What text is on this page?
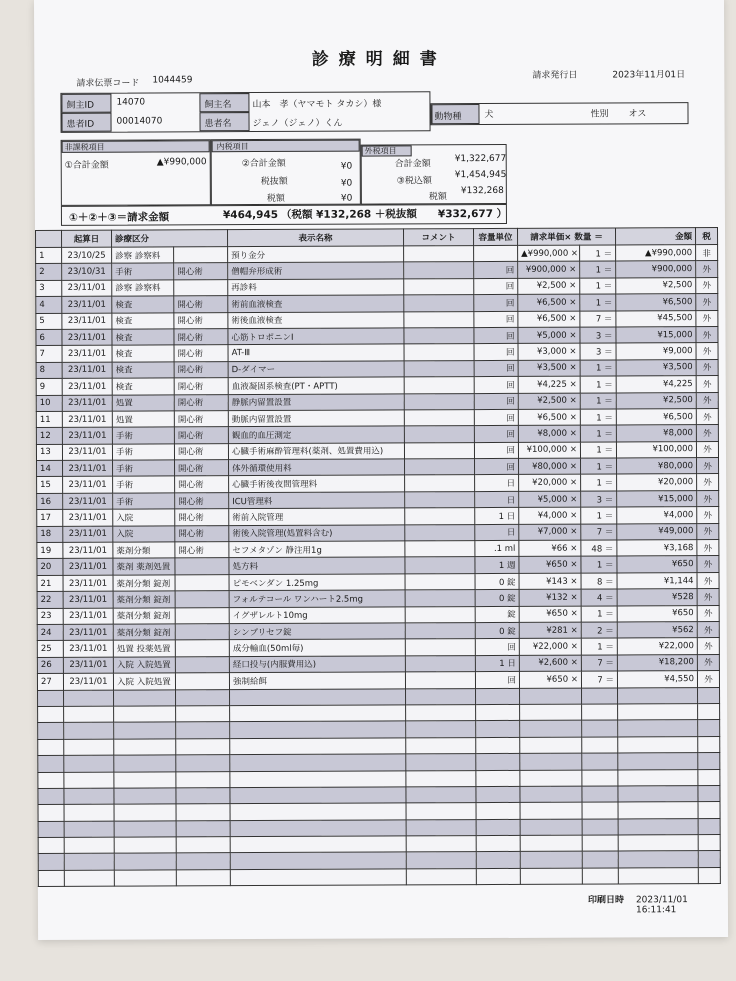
診療明細書
請求伝票コード 1044459	請求発行日	2023年11月01日
飼主ID 14070
患者ID 00014070
飼主名 山本　孝（ヤマモト タカシ）様
患者名 ジェノ（ジェノ）くん
動物種	犬	性別 オス
非課税項目
①合計金額	▲¥990,000
内税項目
②合計金額	¥0
税抜額	¥0
税額	¥0
外税項目
合計金額
¥1,322,677
③税込額
¥1,454,945
税額
¥132,268
①＋②＋③＝請求金額	¥464,945 （税額 ¥132,268 ＋税抜額　　¥332,677 ）
	起算日	診療区分		表示名称	コメント	容量単位	請求単価× 数量 ＝		金額	税
1	23/10/25	診察 診察料		預り金分			▲¥990,000 ×	1 ＝	▲¥990,000	非
2	23/10/31	手術	開心術	僧帽弁形成術		回	¥900,000 ×	1 ＝	¥900,000	外
3	23/11/01	診察 診察料		再診料		回	¥2,500 ×	1 ＝	¥2,500	外
4	23/11/01	検査	開心術	術前血液検査		回	¥6,500 ×	1 ＝	¥6,500	外
5	23/11/01	検査	開心術	術後血液検査		回	¥6,500 ×	7 ＝	¥45,500	外
6	23/11/01	検査	開心術	心筋トロポニンI		回	¥5,000 ×	3 ＝	¥15,000	外
7	23/11/01	検査	開心術	AT-Ⅲ		回	¥3,000 ×	3 ＝	¥9,000	外
8	23/11/01	検査	開心術	D-ダイマー		回	¥3,500 ×	1 ＝	¥3,500	外
9	23/11/01	検査	開心術	血液凝固系検査(PT・APTT)		回	¥4,225 ×	1 ＝	¥4,225	外
10	23/11/01	処置	開心術	静脈内留置設置		回	¥2,500 ×	1 ＝	¥2,500	外
11	23/11/01	処置	開心術	動脈内留置設置		回	¥6,500 ×	1 ＝	¥6,500	外
12	23/11/01	手術	開心術	観血的血圧測定		回	¥8,000 ×	1 ＝	¥8,000	外
13	23/11/01	手術	開心術	心臓手術麻酔管理料(薬剤、処置費用込)		回	¥100,000 ×	1 ＝	¥100,000	外
14	23/11/01	手術	開心術	体外循環使用料		回	¥80,000 ×	1 ＝	¥80,000	外
15	23/11/01	手術	開心術	心臓手術後夜間管理料		日	¥20,000 ×	1 ＝	¥20,000	外
16	23/11/01	手術	開心術	ICU管理料		日	¥5,000 ×	3 ＝	¥15,000	外
17	23/11/01	入院	開心術	術前入院管理		1 日	¥4,000 ×	1 ＝	¥4,000	外
18	23/11/01	入院	開心術	術後入院管理(処置料含む)		日	¥7,000 ×	7 ＝	¥49,000	外
19	23/11/01	薬剤分類	開心術	セフメタゾン 静注用1g		.1 ml	¥66 ×	48 ＝	¥3,168	外
20	23/11/01	薬剤 薬剤処置		処方料		1 週	¥650 ×	1 ＝	¥650	外
21	23/11/01	薬剤分類 錠剤		ピモベンダン 1.25mg		0 錠	¥143 ×	8 ＝	¥1,144	外
22	23/11/01	薬剤分類 錠剤		フォルテコール ワンハート2.5mg		0 錠	¥132 ×	4 ＝	¥528	外
23	23/11/01	薬剤分類 錠剤		イグザレルト10mg		錠	¥650 ×	1 ＝	¥650	外
24	23/11/01	薬剤分類 錠剤		シンプリセフ錠		0 錠	¥281 ×	2 ＝	¥562	外
25	23/11/01	処置 投薬処置		成分輸血(50ml毎)		回	¥22,000 ×	1 ＝	¥22,000	外
26	23/11/01	入院 入院処置		経口投与(内服費用込)		1 日	¥2,600 ×	7 ＝	¥18,200	外
27	23/11/01	入院 入院処置		強制給餌		回	¥650 ×	7 ＝	¥4,550	外

印刷日時 2023/11/01　16:11:41
